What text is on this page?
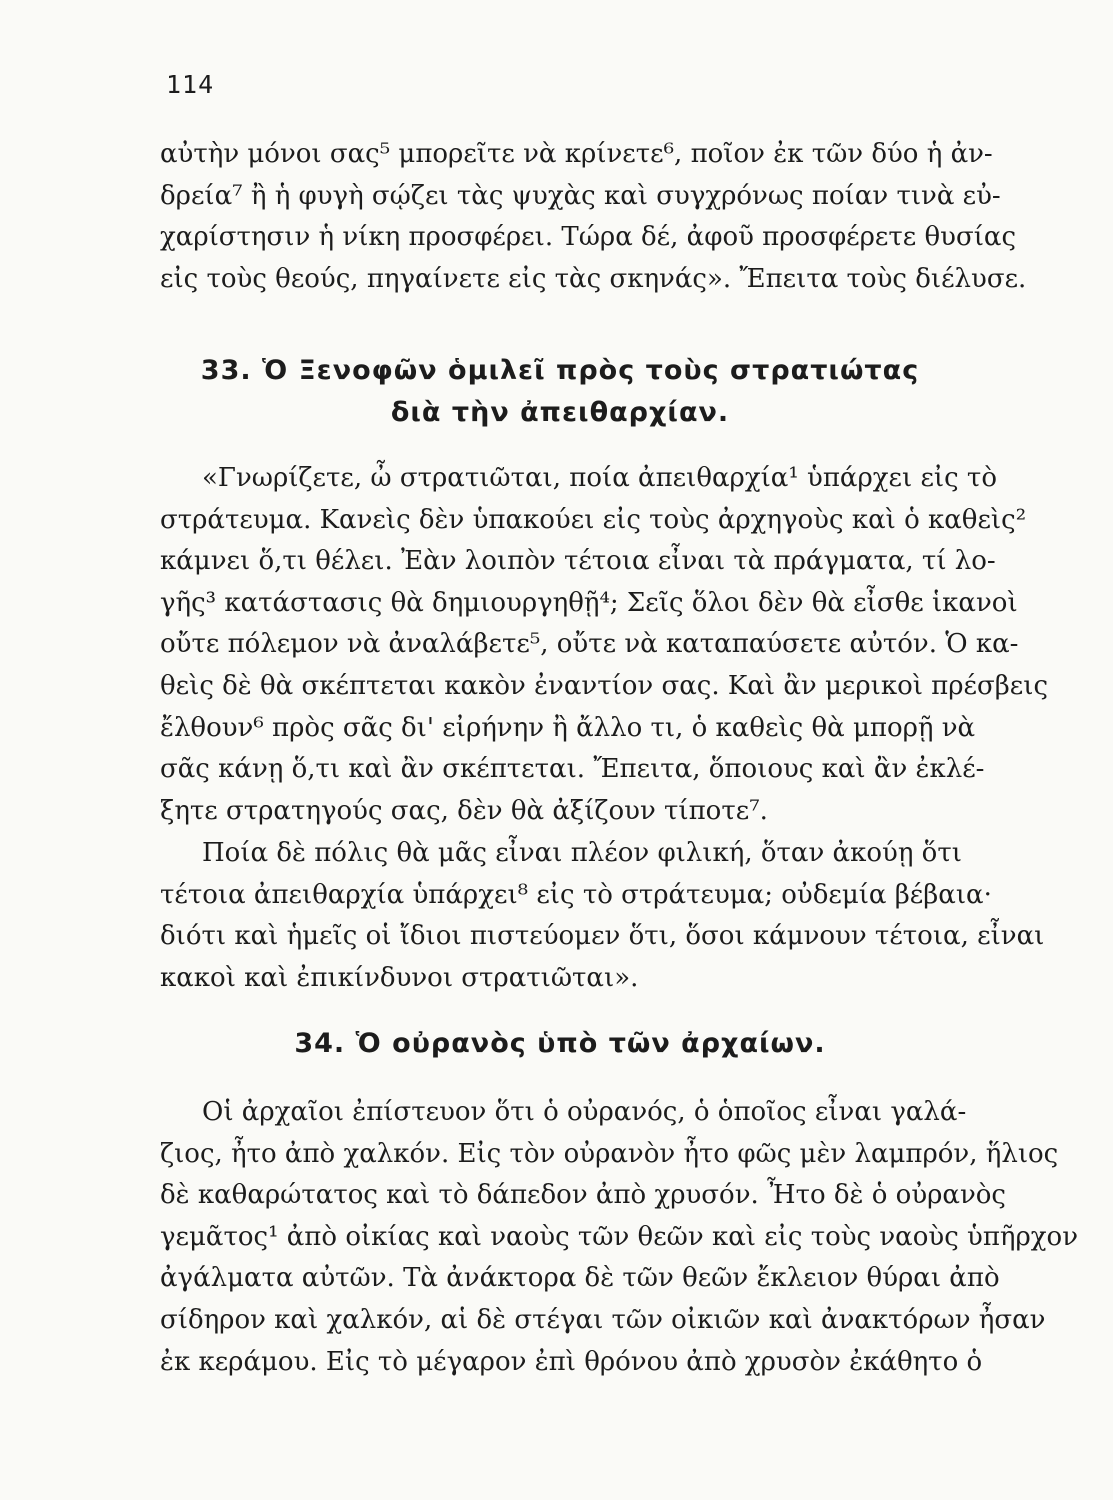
114
αὐτὴν μόνοι σας⁵ μπορεῖτε νὰ κρίνετε⁶, ποῖον ἐκ τῶν δύο ἡ ἀν-
δρεία⁷ ἢ ἡ φυγὴ σῴζει τὰς ψυχὰς καὶ συγχρόνως ποίαν τινὰ εὐ-
χαρίστησιν ἡ νίκη προσφέρει. Τώρα δέ, ἀφοῦ προσφέρετε θυσίας
εἰς τοὺς θεούς, πηγαίνετε εἰς τὰς σκηνάς». Ἔπειτα τοὺς διέλυσε.
33. Ὁ Ξενοφῶν ὁμιλεῖ πρὸς τοὺς στρατιώτας
διὰ τὴν ἀπειθαρχίαν.
«Γνωρίζετε, ὦ στρατιῶται, ποία ἀπειθαρχία¹ ὑπάρχει εἰς τὸ
στράτευμα. Κανεὶς δὲν ὑπακούει εἰς τοὺς ἀρχηγοὺς καὶ ὁ καθεὶς²
κάμνει ὅ,τι θέλει. Ἐὰν λοιπὸν τέτοια εἶναι τὰ πράγματα, τί λο-
γῆς³ κατάστασις θὰ δημιουργηθῇ⁴; Σεῖς ὅλοι δὲν θὰ εἶσθε ἱκανοὶ
οὔτε πόλεμον νὰ ἀναλάβετε⁵, οὔτε νὰ καταπαύσετε αὐτόν. Ὁ κα-
θεὶς δὲ θὰ σκέπτεται κακὸν ἐναντίον σας. Καὶ ἂν μερικοὶ πρέσβεις
ἔλθουν⁶ πρὸς σᾶς δι' εἰρήνην ἢ ἄλλο τι, ὁ καθεὶς θὰ μπορῇ νὰ
σᾶς κάνῃ ὅ,τι καὶ ἂν σκέπτεται. Ἔπειτα, ὅποιους καὶ ἂν ἐκλέ-
ξητε στρατηγούς σας, δὲν θὰ ἀξίζουν τίποτε⁷.
Ποία δὲ πόλις θὰ μᾶς εἶναι πλέον φιλική, ὅταν ἀκούῃ ὅτι
τέτοια ἀπειθαρχία ὑπάρχει⁸ εἰς τὸ στράτευμα; οὐδεμία βέβαια·
διότι καὶ ἡμεῖς οἱ ἴδιοι πιστεύομεν ὅτι, ὅσοι κάμνουν τέτοια, εἶναι
κακοὶ καὶ ἐπικίνδυνοι στρατιῶται».
34. Ὁ οὐρανὸς ὑπὸ τῶν ἀρχαίων.
Οἱ ἀρχαῖοι ἐπίστευον ὅτι ὁ οὐρανός, ὁ ὁποῖος εἶναι γαλά-
ζιος, ἦτο ἀπὸ χαλκόν. Εἰς τὸν οὐρανὸν ἦτο φῶς μὲν λαμπρόν, ἥλιος
δὲ καθαρώτατος καὶ τὸ δάπεδον ἀπὸ χρυσόν. Ἦτο δὲ ὁ οὐρανὸς
γεμᾶτος¹ ἀπὸ οἰκίας καὶ ναοὺς τῶν θεῶν καὶ εἰς τοὺς ναοὺς ὑπῆρχον
ἀγάλματα αὐτῶν. Τὰ ἀνάκτορα δὲ τῶν θεῶν ἔκλειον θύραι ἀπὸ
σίδηρον καὶ χαλκόν, αἱ δὲ στέγαι τῶν οἰκιῶν καὶ ἀνακτόρων ἦσαν
ἐκ κεράμου. Εἰς τὸ μέγαρον ἐπὶ θρόνου ἀπὸ χρυσὸν ἐκάθητο ὁ
